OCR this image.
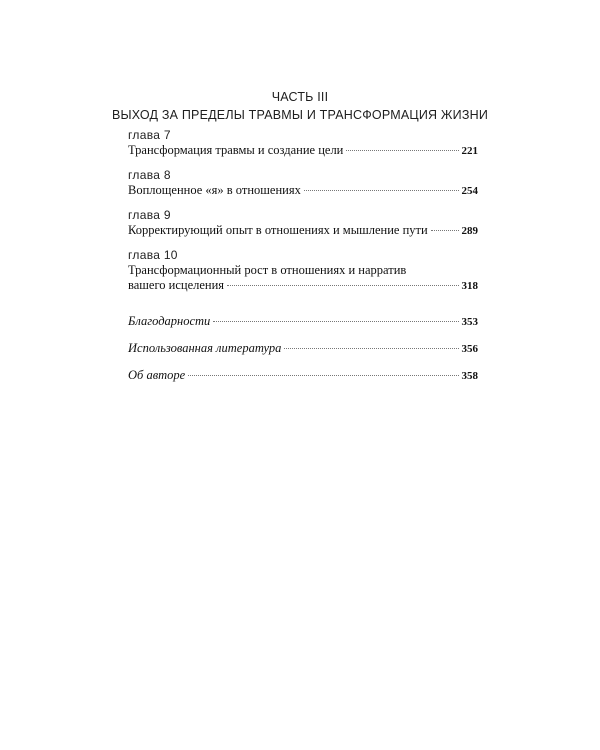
ЧАСТЬ III
ВЫХОД ЗА ПРЕДЕЛЫ ТРАВМЫ И ТРАНСФОРМАЦИЯ ЖИЗНИ
глава 7
Трансформация травмы и создание цели	221
глава 8
Воплощенное «я» в отношениях	254
глава 9
Корректирующий опыт в отношениях и мышление пути	289
глава 10
Трансформационный рост в отношениях и нарратив
вашего исцеления	318
Благодарности	353
Использованная литература	356
Об авторе	358
